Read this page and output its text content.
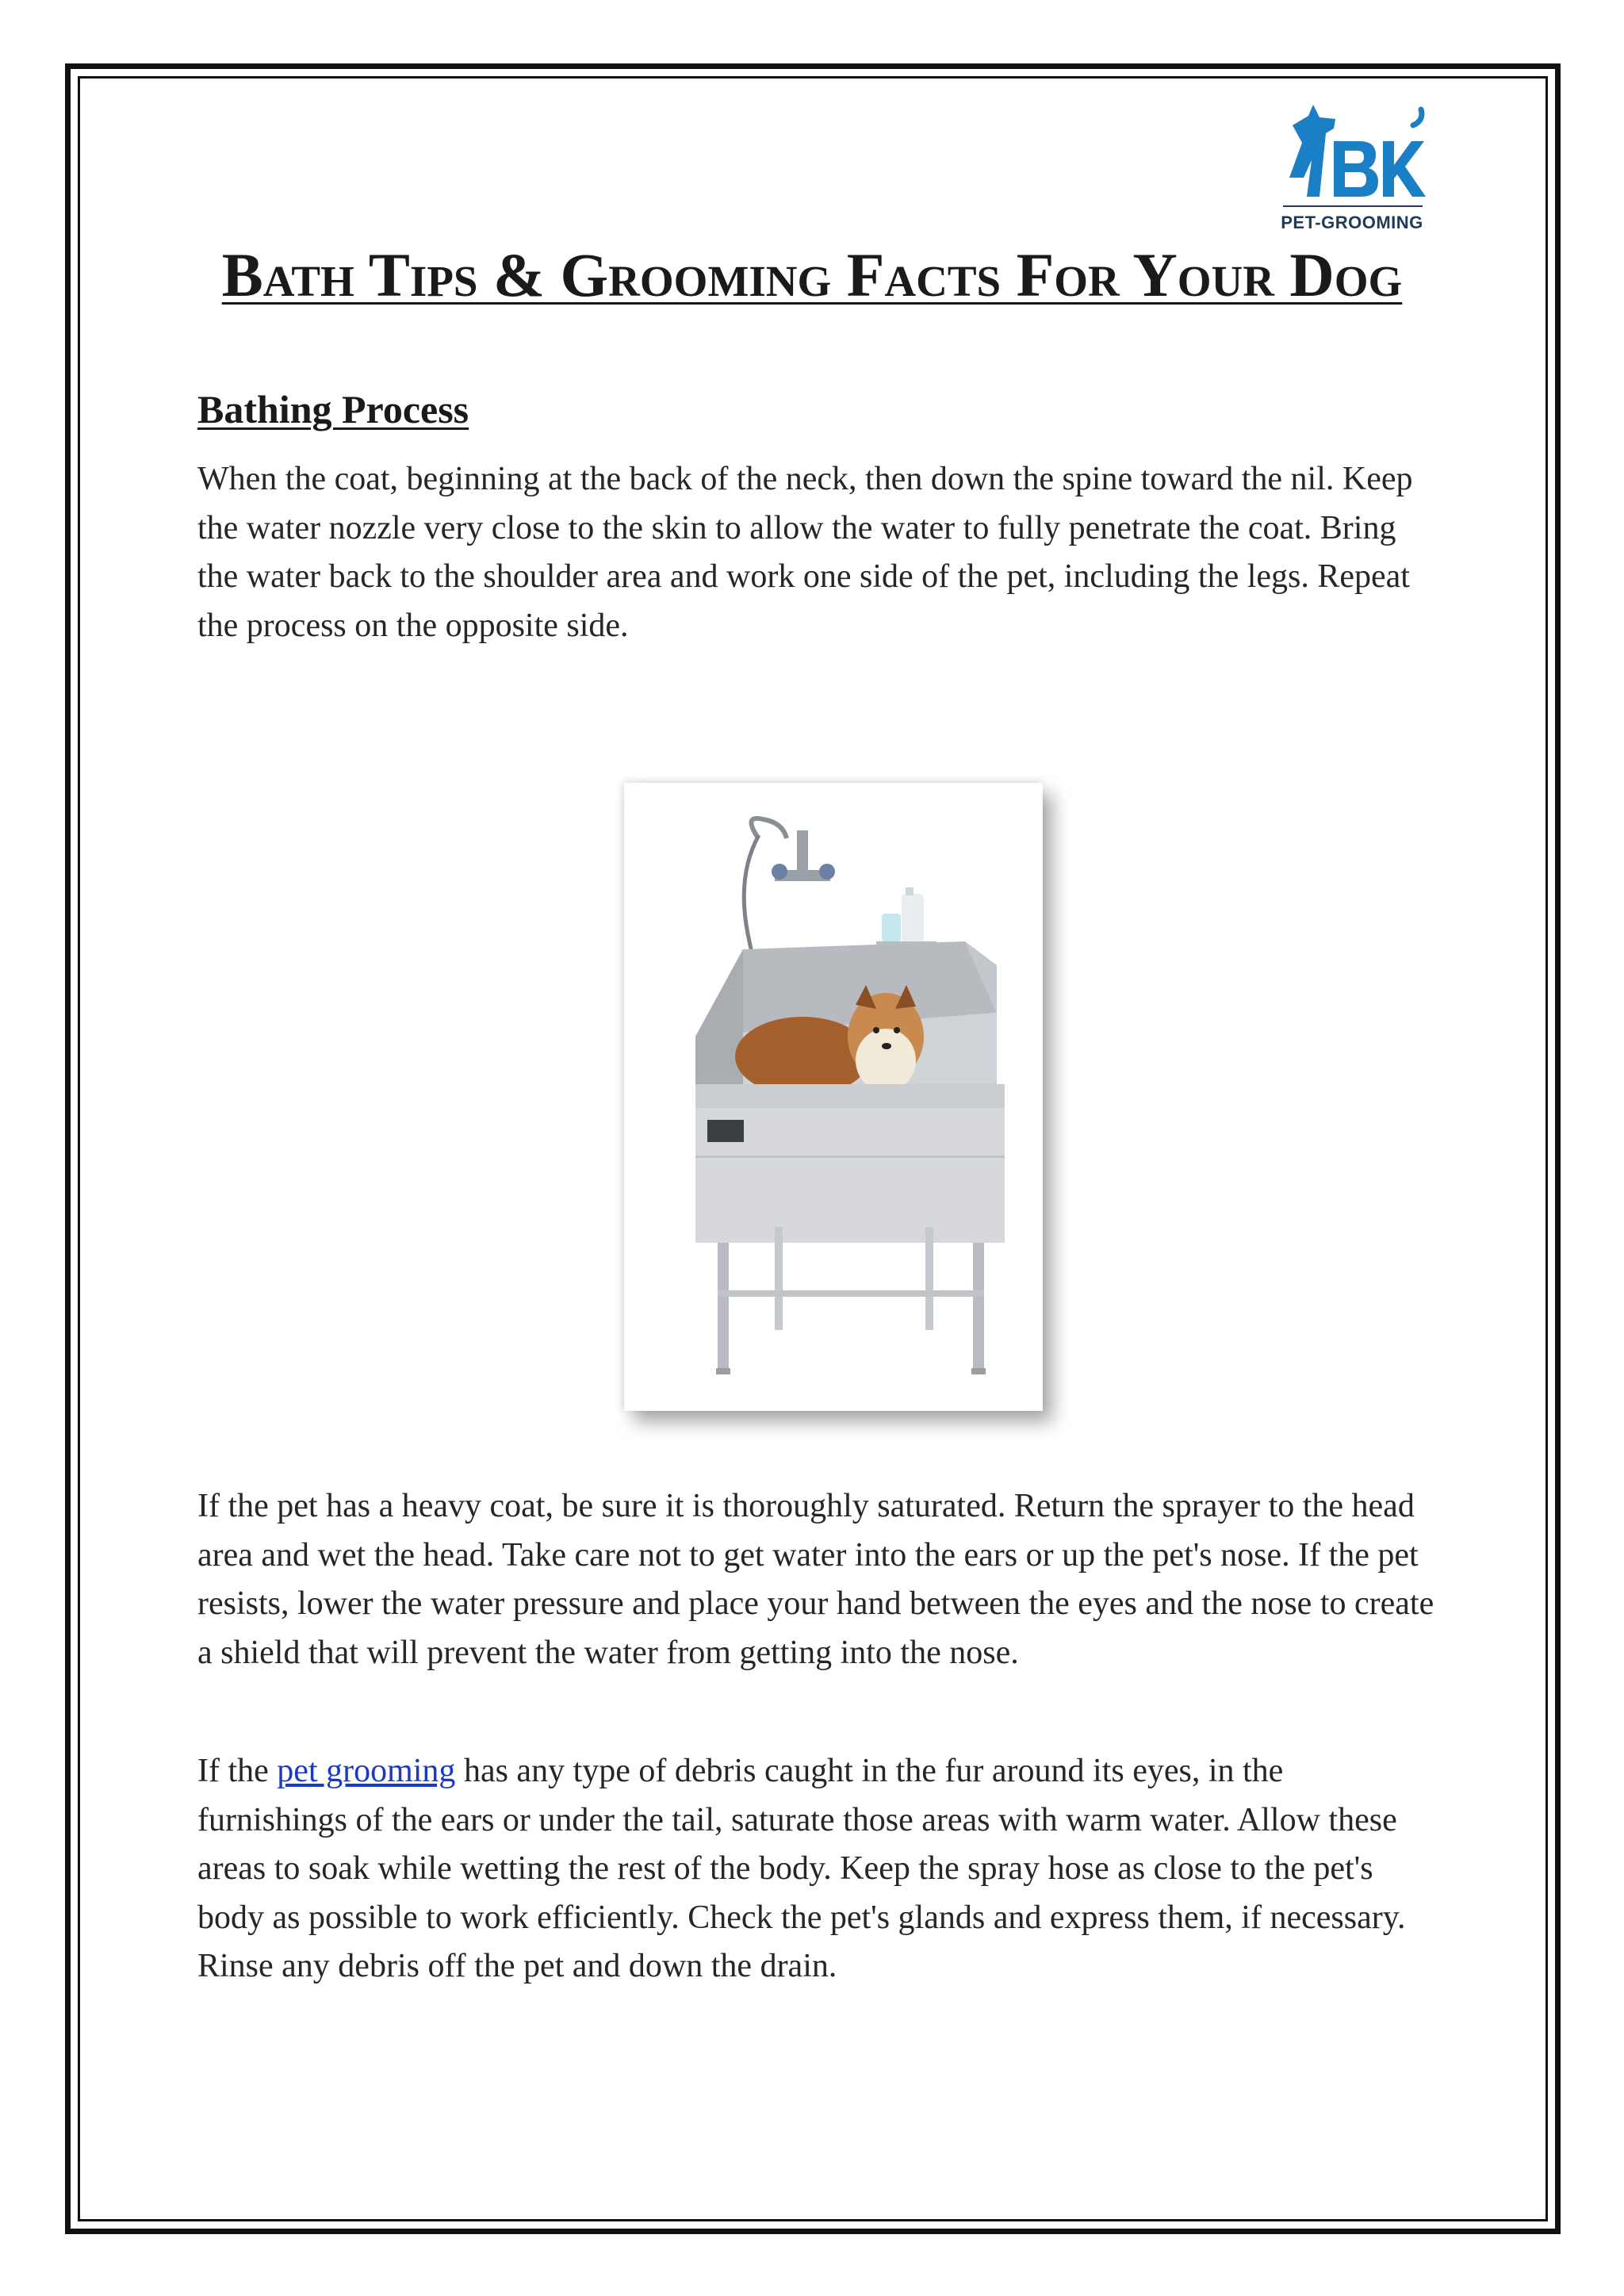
PET-GROOMING
Bath Tips & Grooming Facts For Your Dog
Bathing Process

When the coat, beginning at the back of the neck, then down the spine toward the nil. Keep the water nozzle very close to the skin to allow the water to fully penetrate the coat. Bring the water back to the shoulder area and work one side of the pet, including the legs. Repeat the process on the opposite side.

If the pet has a heavy coat, be sure it is thoroughly saturated. Return the sprayer to the head area and wet the head. Take care not to get water into the ears or up the pet's nose. If the pet resists, lower the water pressure and place your hand between the eyes and the nose to create a shield that will prevent the water from getting into the nose.

If the pet grooming has any type of debris caught in the fur around its eyes, in the furnishings of the ears or under the tail, saturate those areas with warm water. Allow these areas to soak while wetting the rest of the body. Keep the spray hose as close to the pet's body as possible to work efficiently. Check the pet's glands and express them, if necessary. Rinse any debris off the pet and down the drain.
